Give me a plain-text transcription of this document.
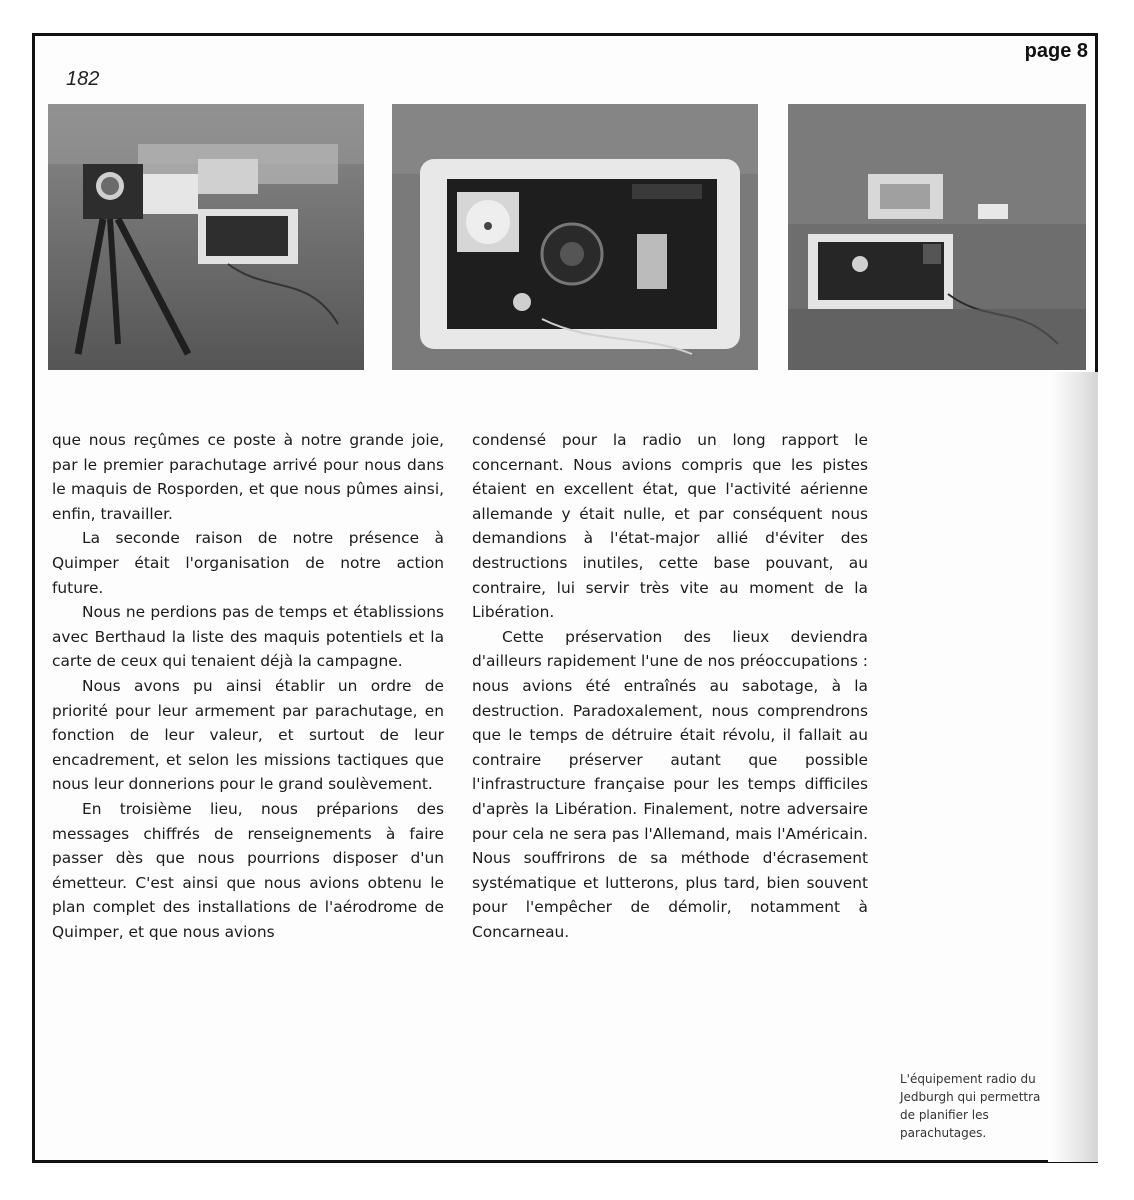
page 8
182

que nous reçûmes ce poste à notre grande joie, par le premier parachutage arrivé pour nous dans le maquis de Rosporden, et que nous pûmes ainsi, enfin, travailler.

La seconde raison de notre présence à Quimper était l'organisation de notre action future.

Nous ne perdions pas de temps et établissions avec Berthaud la liste des maquis potentiels et la carte de ceux qui tenaient déjà la campagne.

Nous avons pu ainsi établir un ordre de priorité pour leur armement par parachutage, en fonction de leur valeur, et surtout de leur encadrement, et selon les missions tactiques que nous leur donnerions pour le grand soulèvement.

En troisième lieu, nous préparions des messages chiffrés de renseignements à faire passer dès que nous pourrions disposer d'un émetteur. C'est ainsi que nous avions obtenu le plan complet des installations de l'aérodrome de Quimper, et que nous avions

condensé pour la radio un long rapport le concernant. Nous avions compris que les pistes étaient en excellent état, que l'activité aérienne allemande y était nulle, et par conséquent nous demandions à l'état-major allié d'éviter des destructions inutiles, cette base pouvant, au contraire, lui servir très vite au moment de la Libération.

Cette préservation des lieux deviendra d'ailleurs rapidement l'une de nos préoccupations : nous avions été entraînés au sabotage, à la destruction. Paradoxalement, nous comprendrons que le temps de détruire était révolu, il fallait au contraire préserver autant que possible l'infrastructure française pour les temps difficiles d'après la Libération. Finalement, notre adversaire pour cela ne sera pas l'Allemand, mais l'Américain. Nous souffrirons de sa méthode d'écrasement systématique et lutterons, plus tard, bien souvent pour l'empêcher de démolir, notamment à Concarneau.

L'équipement radio du Jedburgh qui permettra de planifier les parachutages.
